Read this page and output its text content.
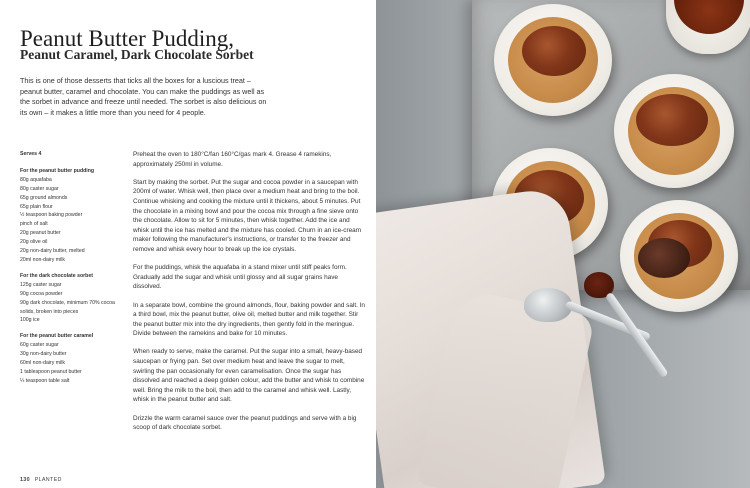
Peanut Butter Pudding,
Peanut Caramel, Dark Chocolate Sorbet

This is one of those desserts that ticks all the boxes for a luscious treat – peanut butter, caramel and chocolate. You can make the puddings as well as the sorbet in advance and freeze until needed. The sorbet is also delicious on its own – it makes a little more than you need for 4 people.

Serves 4
For the peanut butter pudding
80g aquafaba
80g caster sugar
65g ground almonds
65g plain flour
½ teaspoon baking powder
pinch of salt
20g peanut butter
20g olive oil
20g non-dairy butter, melted
20ml non-dairy milk
For the dark chocolate sorbet
125g caster sugar
90g cocoa powder
90g dark chocolate, minimum 70% cocoa solids, broken into pieces
100g ice
For the peanut butter caramel
60g caster sugar
30g non-dairy butter
60ml non-dairy milk
1 tablespoon peanut butter
¼ teaspoon table salt

Preheat the oven to 180°C/fan 160°C/gas mark 4. Grease 4 ramekins, approximately 250ml in volume.

Start by making the sorbet. Put the sugar and cocoa powder in a saucepan with 200ml of water. Whisk well, then place over a medium heat and bring to the boil. Continue whisking and cooking the mixture until it thickens, about 5 minutes. Put the chocolate in a mixing bowl and pour the cocoa mix through a fine sieve onto the chocolate. Allow to sit for 5 minutes, then whisk together. Add the ice and whisk until the ice has melted and the mixture has cooled. Churn in an ice-cream maker following the manufacturer's instructions, or transfer to the freezer and remove and whisk every hour to break up the ice crystals.

For the puddings, whisk the aquafaba in a stand mixer until stiff peaks form. Gradually add the sugar and whisk until glossy and all sugar grains have dissolved.

In a separate bowl, combine the ground almonds, flour, baking powder and salt. In a third bowl, mix the peanut butter, olive oil, melted butter and milk together. Stir the peanut butter mix into the dry ingredients, then gently fold in the meringue. Divide between the ramekins and bake for 10 minutes.

When ready to serve, make the caramel. Put the sugar into a small, heavy-based saucepan or frying pan. Set over medium heat and leave the sugar to melt, swirling the pan occasionally for even caramelisation. Once the sugar has dissolved and reached a deep golden colour, add the butter and whisk to combine well. Bring the milk to the boil, then add to the caramel and whisk well. Lastly, whisk in the peanut butter and salt.

Drizzle the warm caramel sauce over the peanut puddings and serve with a big scoop of dark chocolate sorbet.

130 PLANTED
